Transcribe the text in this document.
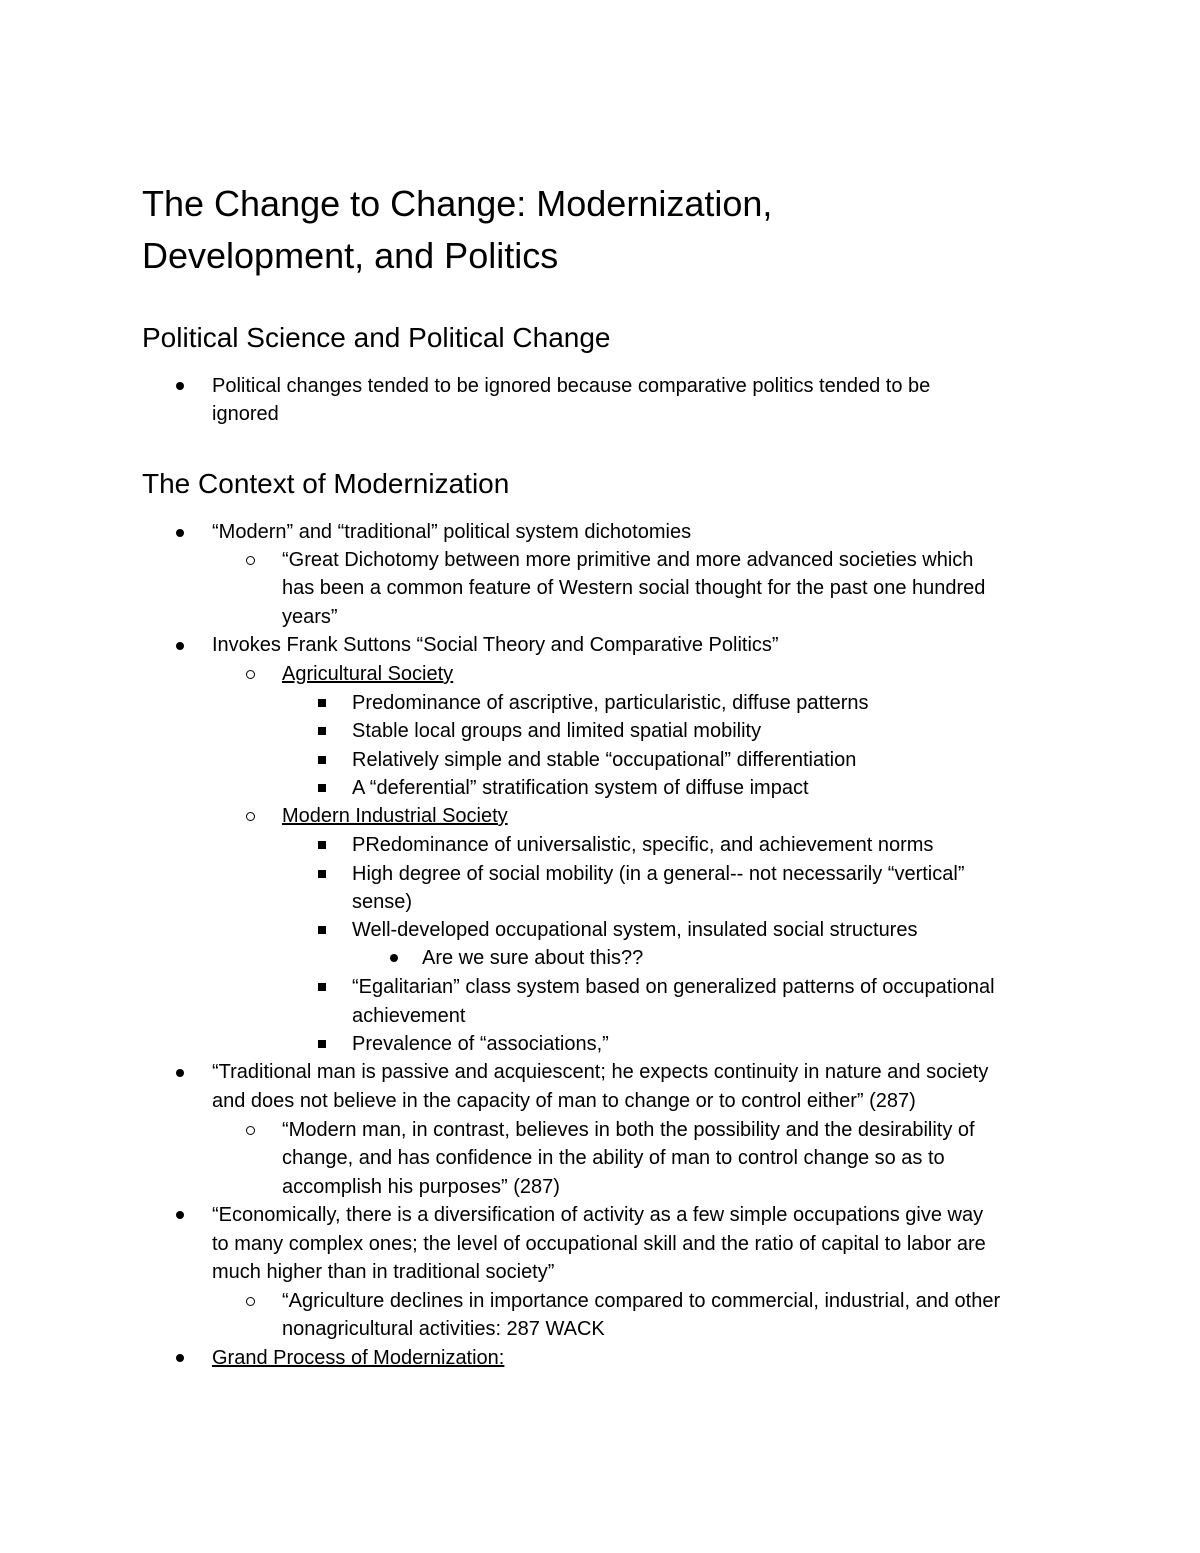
The Change to Change: Modernization,
Development, and Politics
Political Science and Political Change
Political changes tended to be ignored because comparative politics tended to be
ignored
The Context of Modernization
“Modern” and “traditional” political system dichotomies
“Great Dichotomy between more primitive and more advanced societies which
has been a common feature of Western social thought for the past one hundred
years”
Invokes Frank Suttons “Social Theory and Comparative Politics”
Agricultural Society
Predominance of ascriptive, particularistic, diffuse patterns
Stable local groups and limited spatial mobility
Relatively simple and stable “occupational” differentiation
A “deferential” stratification system of diffuse impact
Modern Industrial Society
PRedominance of universalistic, specific, and achievement norms
High degree of social mobility (in a general-- not necessarily “vertical”
sense)
Well-developed occupational system, insulated social structures
Are we sure about this??
“Egalitarian” class system based on generalized patterns of occupational
achievement
Prevalence of “associations,”
“Traditional man is passive and acquiescent; he expects continuity in nature and society
and does not believe in the capacity of man to change or to control either” (287)
“Modern man, in contrast, believes in both the possibility and the desirability of
change, and has confidence in the ability of man to control change so as to
accomplish his purposes” (287)
“Economically, there is a diversification of activity as a few simple occupations give way
to many complex ones; the level of occupational skill and the ratio of capital to labor are
much higher than in traditional society”
“Agriculture declines in importance compared to commercial, industrial, and other
nonagricultural activities: 287 WACK
Grand Process of Modernization:
